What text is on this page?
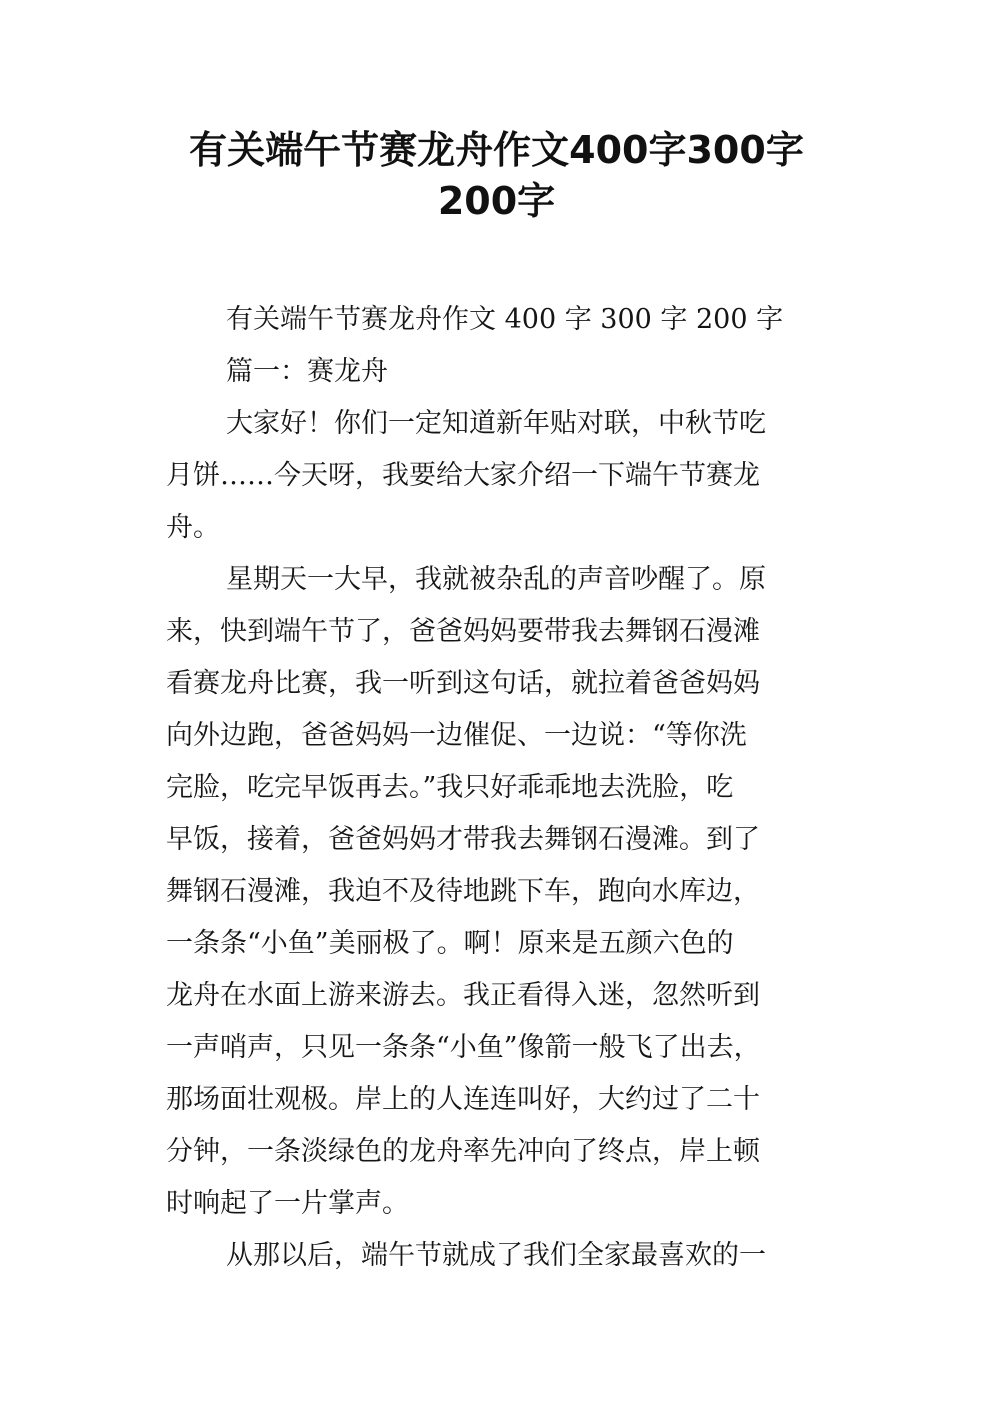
有关端午节赛龙舟作文400字300字
200字
有关端午节赛龙舟作文 400 字 300 字 200 字
篇一：赛龙舟
大家好！你们一定知道新年贴对联，中秋节吃
月饼……今天呀，我要给大家介绍一下端午节赛龙
舟。
星期天一大早，我就被杂乱的声音吵醒了。原
来，快到端午节了，爸爸妈妈要带我去舞钢石漫滩
看赛龙舟比赛，我一听到这句话，就拉着爸爸妈妈
向外边跑，爸爸妈妈一边催促、一边说：“等你洗
完脸，吃完早饭再去。”我只好乖乖地去洗脸，吃
早饭，接着，爸爸妈妈才带我去舞钢石漫滩。到了
舞钢石漫滩，我迫不及待地跳下车，跑向水库边，
一条条“小鱼”美丽极了。啊！原来是五颜六色的
龙舟在水面上游来游去。我正看得入迷，忽然听到
一声哨声，只见一条条“小鱼”像箭一般飞了出去，
那场面壮观极。岸上的人连连叫好，大约过了二十
分钟，一条淡绿色的龙舟率先冲向了终点，岸上顿
时响起了一片掌声。
从那以后，端午节就成了我们全家最喜欢的一
